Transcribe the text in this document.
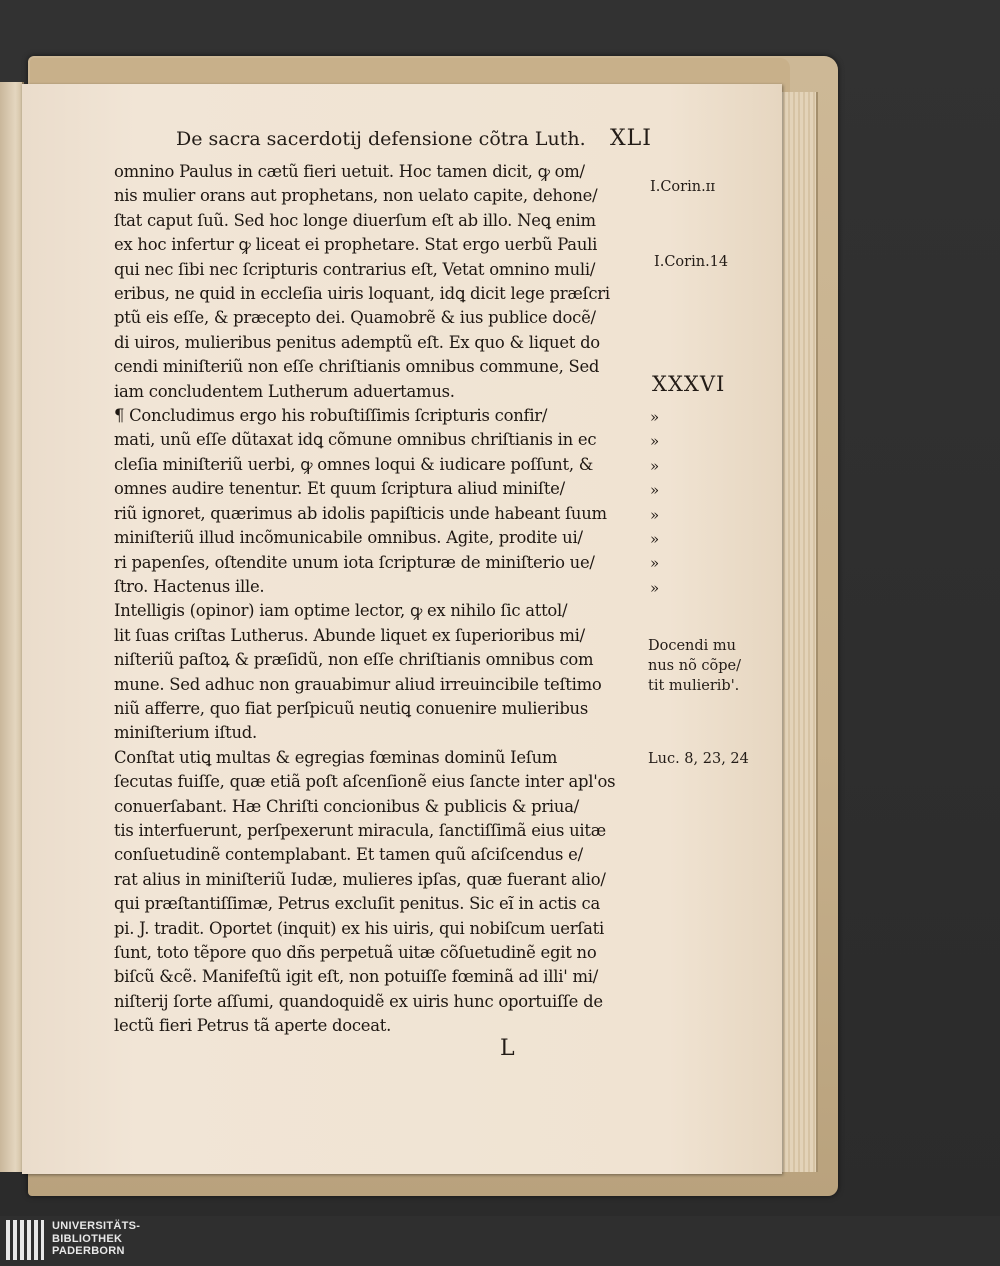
De sacra sacerdotij defensione cõtra Luth. XLI
omnino Paulus in cætũ fieri uetuit. Hoc tamen dicit, ꝙ om/
nis mulier orans aut prophetans, non uelato capite, dehone/
ſtat caput ſuũ. Sed hoc longe diuerſum eſt ab illo. Neꝗ enim
ex hoc infertur ꝙ liceat ei prophetare. Stat ergo uerbũ Pauli
qui nec ſibi nec ſcripturis contrarius eſt, Vetat omnino muli/
eribus, ne quid in eccleſia uiris loquant, idꝗ dicit lege præſcri
ptũ eis eſſe, & præcepto dei. Quamobrẽ & ius publice docẽ/
di uiros, mulieribus penitus ademptũ eſt. Ex quo & liquet do
cendi miniſteriũ non eſſe chriſtianis omnibus commune, Sed
iam concludentem Lutherum aduertamus.
¶ Concludimus ergo his robuſtiſſimis ſcripturis confir/
mati, unũ eſſe dũtaxat idꝗ cõmune omnibus chriſtianis in ec
cleſia miniſteriũ uerbi, ꝙ omnes loqui & iudicare poſſunt, &
omnes audire tenentur. Et quum ſcriptura aliud miniſte/
riũ ignoret, quærimus ab idolis papiſticis unde habeant ſuum
miniſteriũ illud incõmunicabile omnibus. Agite, prodite ui/
ri papenſes, oſtendite unum iota ſcripturæ de miniſterio ue/
ſtro. Hactenus ille.
Intelligis (opinor) iam optime lector, ꝙ ex nihilo ſic attol/
lit ſuas criſtas Lutherus. Abunde liquet ex ſuperioribus mi/
niſteriũ paſtoꝝ & præſidũ, non eſſe chriſtianis omnibus com
mune. Sed adhuc non grauabimur aliud irreuincibile teſtimo
niũ afferre, quo fiat perſpicuũ neutiꝗ conuenire mulieribus
miniſterium iſtud.
Conſtat utiꝗ multas & egregias fœminas dominũ Ieſum
ſecutas fuiſſe, quæ etiã poſt aſcenſionẽ eius ſancte inter apl'os
conuerſabant. Hæ Chriſti concionibus & publicis & priua/
tis interfuerunt, perſpexerunt miracula, ſanctiſſimã eius uitæ
conſuetudinẽ contemplabant. Et tamen quũ aſciſcendus e/
rat alius in miniſteriũ Iudæ, mulieres ipſas, quæ fuerant alio/
qui præſtantiſſimæ, Petrus excluſit penitus. Sic eĩ in actis ca
pi. J. tradit. Oportet (inquit) ex his uiris, qui nobiſcum uerſati
ſunt, toto tẽpore quo dñs perpetuã uitæ cõſuetudinẽ egit no
biſcũ &cẽ. Manifeſtũ igit eſt, non potuiſſe fœminã ad illi' mi/
niſterij ſorte aſſumi, quandoquidẽ ex uiris hunc oportuiſſe de
lectũ fieri Petrus tã aperte doceat.
»
»
»
»
»
»
»
»
I.Corin.ɪɪ
I.Corin.14
XXXVI
Docendi mu
nus nõ cõpe/
tit mulierib'.
Luc. 8, 23, 24
L
UNIVERSITÄTS-
BIBLIOTHEK
PADERBORN
